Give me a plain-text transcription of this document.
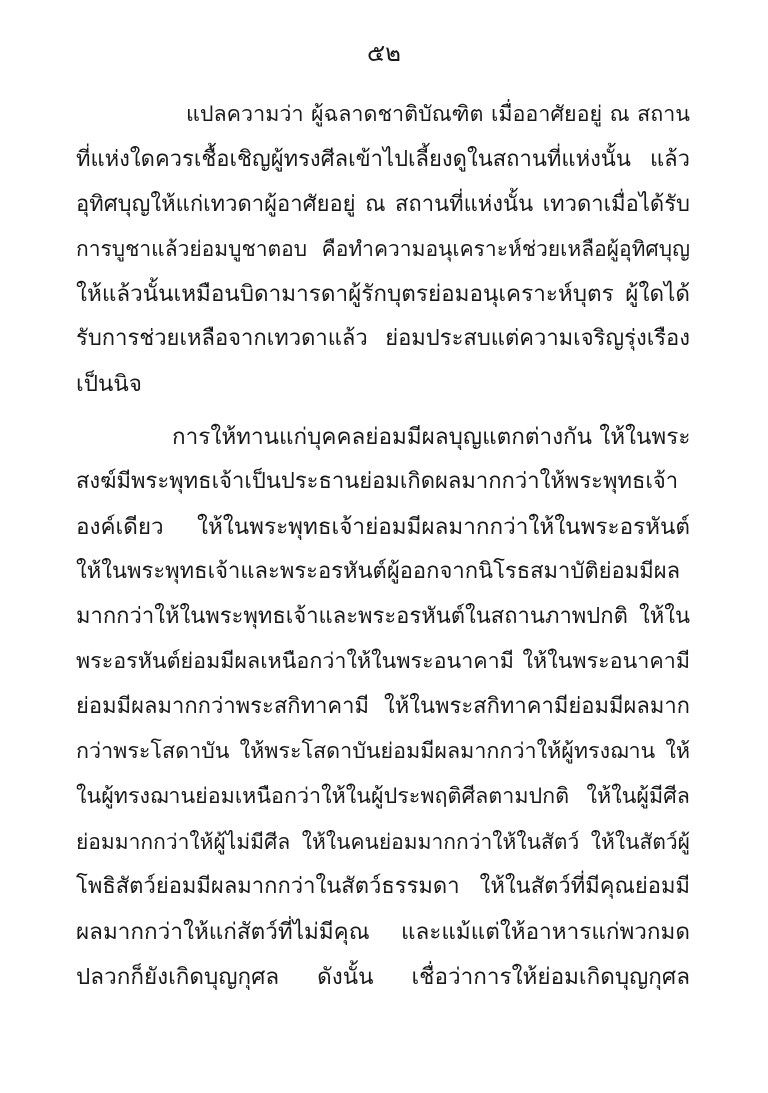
๕๒
แปลความว่า ผู้ฉลาดชาติบัณฑิต เมื่ออาศัยอยู่ ณ สถาน
ที่แห่งใดควรเชื้อเชิญผู้ทรงศีลเข้าไปเลี้ยงดูในสถานที่แห่งนั้น แล้ว
อุทิศบุญให้แก่เทวดาผู้อาศัยอยู่ ณ สถานที่แห่งนั้น เทวดาเมื่อได้รับ
การบูชาแล้วย่อมบูชาตอบ คือทำความอนุเคราะห์ช่วยเหลือผู้อุทิศบุญ
ให้แล้วนั้นเหมือนบิดามารดาผู้รักบุตรย่อมอนุเคราะห์บุตร ผู้ใดได้
รับการช่วยเหลือจากเทวดาแล้ว ย่อมประสบแต่ความเจริญรุ่งเรือง
เป็นนิจ
การให้ทานแก่บุคคลย่อมมีผลบุญแตกต่างกัน ให้ในพระ
สงฆ์มีพระพุทธเจ้าเป็นประธานย่อมเกิดผลมากกว่าให้พระพุทธเจ้า
องค์เดียว ให้ในพระพุทธเจ้าย่อมมีผลมากกว่าให้ในพระอรหันต์
ให้ในพระพุทธเจ้าและพระอรหันต์ผู้ออกจากนิโรธสมาบัติย่อมมีผล
มากกว่าให้ในพระพุทธเจ้าและพระอรหันต์ในสถานภาพปกติ ให้ใน
พระอรหันต์ย่อมมีผลเหนือกว่าให้ในพระอนาคามี ให้ในพระอนาคามี
ย่อมมีผลมากกว่าพระสกิทาคามี ให้ในพระสกิทาคามีย่อมมีผลมาก
กว่าพระโสดาบัน ให้พระโสดาบันย่อมมีผลมากกว่าให้ผู้ทรงฌาน ให้
ในผู้ทรงฌานย่อมเหนือกว่าให้ในผู้ประพฤติศีลตามปกติ ให้ในผู้มีศีล
ย่อมมากกว่าให้ผู้ไม่มีศีล ให้ในคนย่อมมากกว่าให้ในสัตว์ ให้ในสัตว์ผู้
โพธิสัตว์ย่อมมีผลมากกว่าในสัตว์ธรรมดา ให้ในสัตว์ที่มีคุณย่อมมี
ผลมากกว่าให้แก่สัตว์ที่ไม่มีคุณ และแม้แต่ให้อาหารแก่พวกมด
ปลวกก็ยังเกิดบุญกุศล ดังนั้น เชื่อว่าการให้ย่อมเกิดบุญกุศล
